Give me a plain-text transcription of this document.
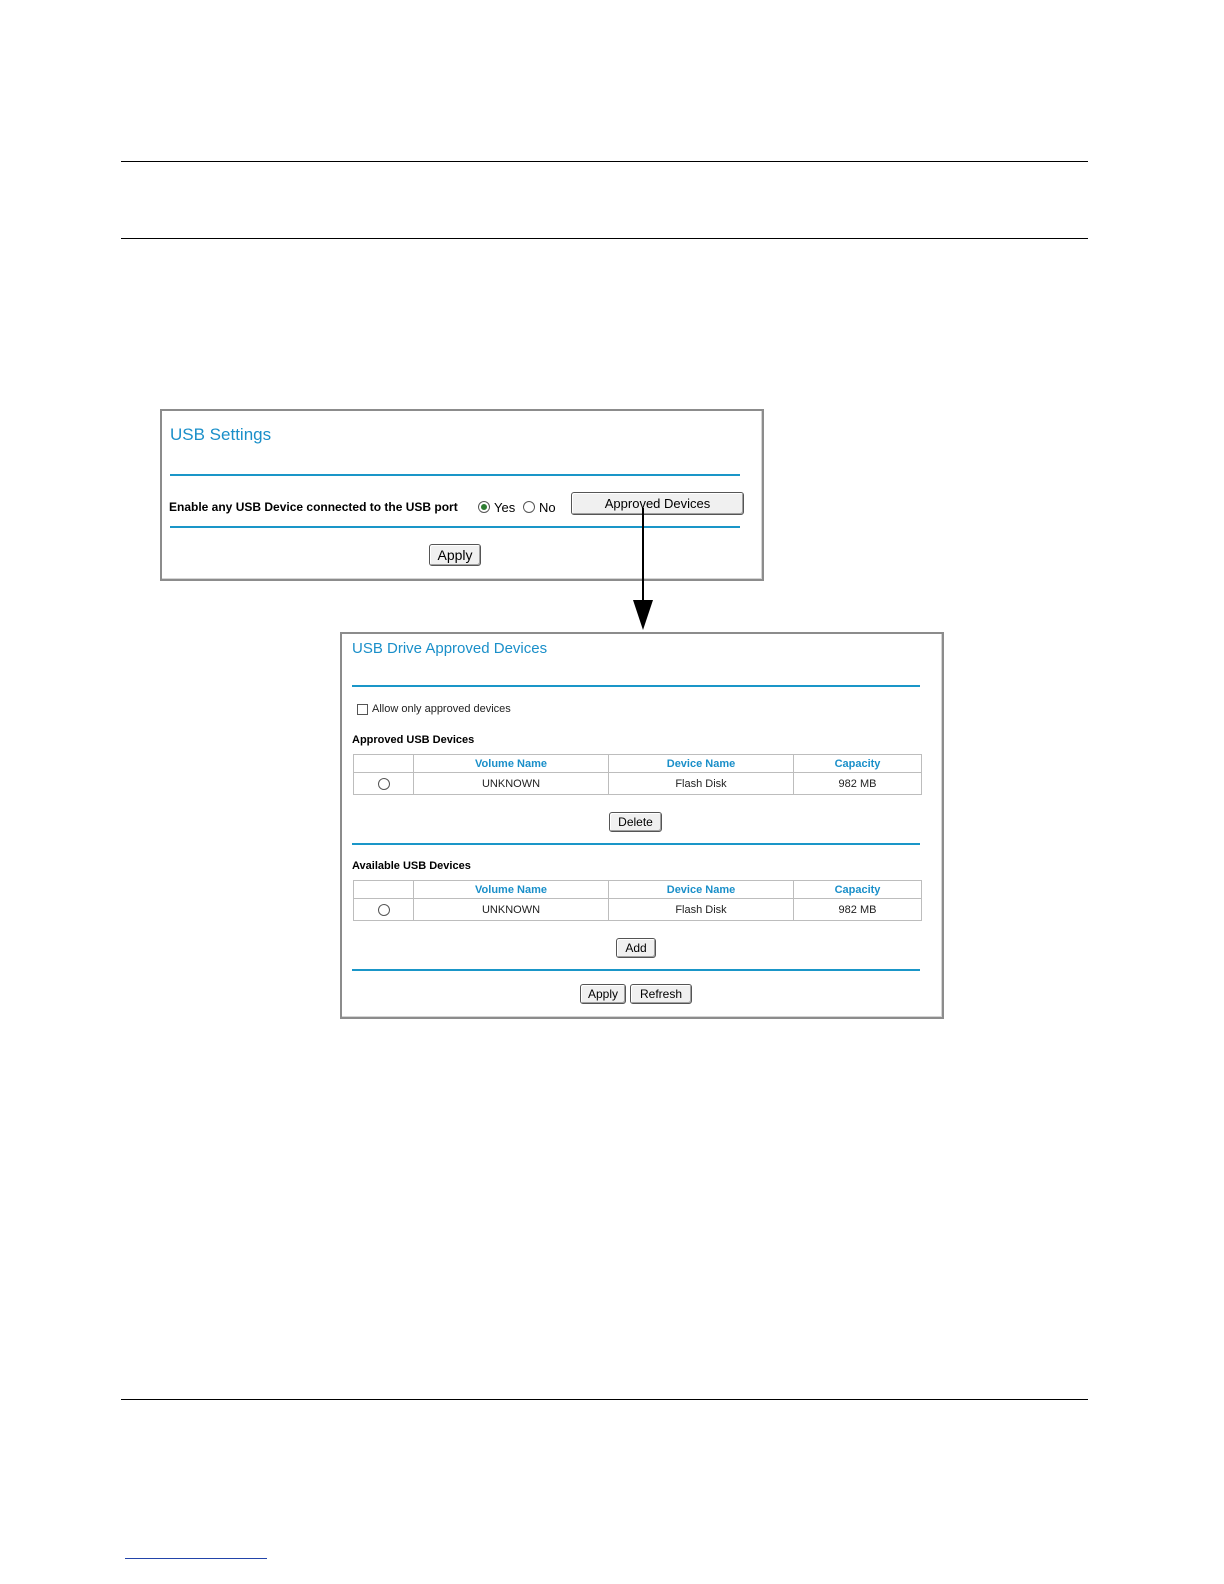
USB Settings
Enable any USB Device connected to the USB port	Yes No	Approved Devices
Apply
USB Drive Approved Devices
Allow only approved devices
Approved USB Devices
	Volume Name	Device Name	Capacity
	UNKNOWN	Flash Disk	982 MB
Delete
Available USB Devices
	Volume Name	Device Name	Capacity
	UNKNOWN	Flash Disk	982 MB
Add
Apply	Refresh
